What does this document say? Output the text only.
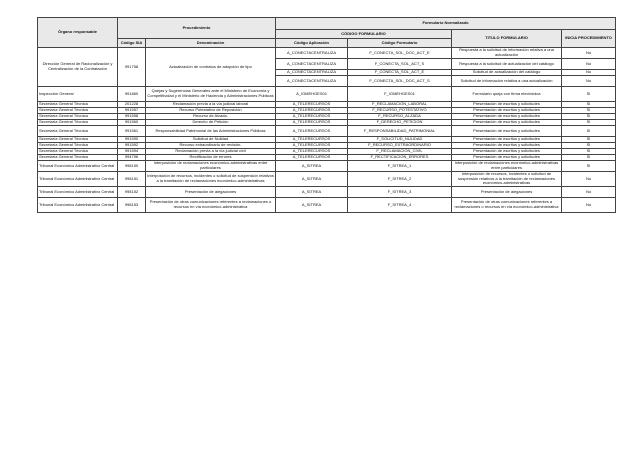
Órgano responsable	Procedimiento		Formulario Normalizado			
			CÓDIGO FORMULARIO		TITULO FORMULARIO	INICIA PROCEDIMIENTO
	Código SIA	Denominación	Código Aplicación	Código Formulario		
Dirección General de Racionalización y Centralización de la Contratación	991758	Actualización de contratos de adopción de tipo	A_CONECTACENTRALIZA	F_CONECTA_SOL_DOC_ACT_E	Respuesta a la solicitud de información relativa a una actualización	No
			A_CONECTACENTRALIZA	F_CONECTA_SOL_ACT_S	Respuesta a la solicitud de actualización del catálogo	No
			A_CONECTACENTRALIZA	F_CONECTA_SOL_ACT_E	Solicitud de actualización del catálogo	No
			A_CONECTACENTRALIZA	F_CONECTA_SOL_DOC_ACT_S	Solicitud de información relativa a una actualización	No
Inspección General	991860	Quejas y Sugerencias Generales ante el Ministerio de Economía y Competitividad y el Ministerio de Hacienda y Administraciones Públicas	A_IGMEHGES01	F_IGMEHGES01	Formulario queja con firma electrónica	SI
Secretaría General Técnica	201228	Reclamación previa a la vía judicial laboral	A_TELERECURSOS	F_RECLAMACION_LABORAL	Presentación de escritos y solicitudes	SI
Secretaría General Técnica	991557	Recurso Potestativo de Reposición	A_TELERECURSOS	F_RECURSO_POTESTATIVO	Presentación de escritos y solicitudes	SI
Secretaría General Técnica	991558	Recurso de Alzada.	A_TELERECURSOS	F_RECURSO_ALZADA	Presentación de escritos y solicitudes	SI
Secretaría General Técnica	991560	Derecho de Petición	A_TELERECURSOS	F_DERECHO_PETICION	Presentación de escritos y solicitudes	SI
Secretaría General Técnica	991561	Responsabilidad Patrimonial de las Administraciones Públicas	A_TELERECURSOS	F_RESPONSABILIDAD_PATRIMONIAL	Presentación de escritos y solicitudes	SI
Secretaría General Técnica	991590	Solicitud de Nulidad	A_TELERECURSOS	F_SOLICITUD_NULIDAD	Presentación de escritos y solicitudes	SI
Secretaría General Técnica	991592	Recurso extraordinario de revisión.	A_TELERECURSOS	F_RECURSO_EXTRAORDINARIO	Presentación de escritos y solicitudes	SI
Secretaría General Técnica	991594	Reclamación previa a la vía judicial civil	A_TELERECURSOS	F_RECLAMACION_CIVIL	Presentación de escritos y solicitudes	SI
Secretaría General Técnica	994796	Rectificación de errores	A_TELERECURSOS	F_RECTIFICACION_ERRORES	Presentación de escritos y solicitudes	SI
Tribunal Económico Administrativo Central	998150	Interposición de reclamaciones económico-administrativas entre particulares	A_SITREA	F_SITREA_1	Interposición de reclamaciones económico-administrativas entre particulares	SI
Tribunal Económico Administrativo Central	998151	Interposición de recursos, incidentes o solicitud de suspensión relativos a la tramitación de reclamaciones económico-administrativas	A_SITREA	F_SITREA_2	Interposición de recursos, incidentes o solicitud de suspensión relativos a la tramitación de reclamaciones económico-administrativas	No
Tribunal Económico Administrativo Central	998152	Presentación de alegaciones	A_SITREA	F_SITREA_3	Presentación de alegaciones	No
Tribunal Económico Administrativo Central	998153	Presentación de otras comunicaciones referentes a reclamaciones o recursos en vía económico-administrativa	A_SITREA	F_SITREA_4	Presentación de otras comunicaciones referentes a reclamaciones o recursos en vía económico-administrativa	No
